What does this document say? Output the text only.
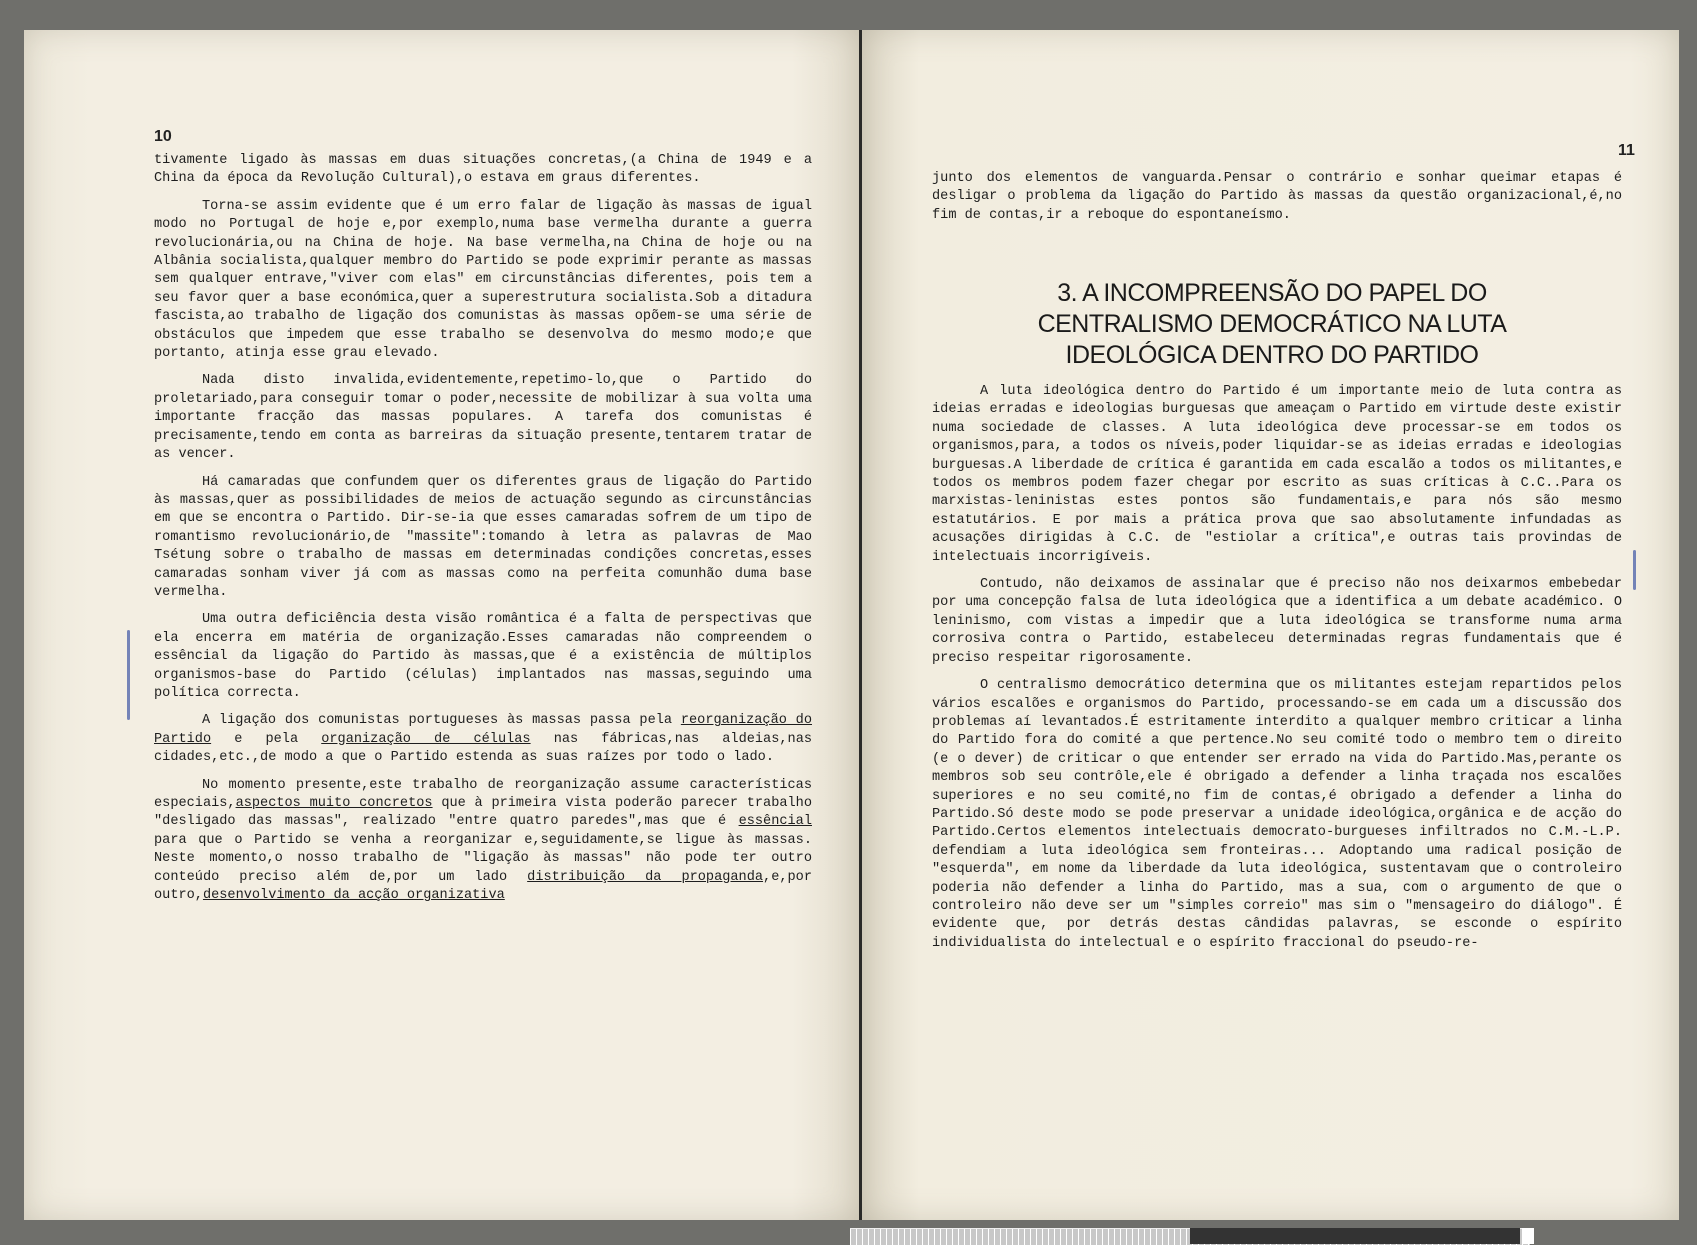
10

tivamente ligado às massas em duas situações concretas,(a China de 1949 e a China da época da Revolução Cultural),o estava em graus diferentes.

Torna-se assim evidente que é um erro falar de ligação às massas de igual modo no Portugal de hoje e,por exemplo,numa base vermelha durante a guerra revolucionária,ou na China de hoje. Na base vermelha,na China de hoje ou na Albânia socialista,qualquer membro do Partido se pode exprimir perante as massas sem qualquer entrave,"viver com elas" em circunstâncias diferentes, pois tem a seu favor quer a base económica,quer a superestrutura socialista.Sob a ditadura fascista,ao trabalho de ligação dos comunistas às massas opõem-se uma série de obstáculos que impedem que esse trabalho se desenvolva do mesmo modo;e que portanto, atinja esse grau elevado.

Nada disto invalida,evidentemente,repetimo-lo,que o Partido do proletariado,para conseguir tomar o poder,necessite de mobilizar à sua volta uma importante fracção das massas populares. A tarefa dos comunistas é precisamente,tendo em conta as barreiras da situação presente,tentarem tratar de as vencer.

Há camaradas que confundem quer os diferentes graus de ligação do Partido às massas,quer as possibilidades de meios de actuação segundo as circunstâncias em que se encontra o Partido. Dir-se-ia que esses camaradas sofrem de um tipo de romantismo revolucionário,de "massite":tomando à letra as palavras de Mao Tsétung sobre o trabalho de massas em determinadas condições concretas,esses camaradas sonham viver já com as massas como na perfeita comunhão duma base vermelha.

Uma outra deficiência desta visão romântica é a falta de perspectivas que ela encerra em matéria de organização.Esses camaradas não compreendem o essêncial da ligação do Partido às massas,que é a existência de múltiplos organismos-base do Partido (células) implantados nas massas,seguindo uma política correcta.

A ligação dos comunistas portugueses às massas passa pela reorganização do Partido e pela organização de células nas fábricas,nas aldeias,nas cidades,etc.,de modo a que o Partido estenda as suas raízes por todo o lado.

No momento presente,este trabalho de reorganização assume características especiais,aspectos muito concretos que à primeira vista poderão parecer trabalho "desligado das massas", realizado "entre quatro paredes",mas que é essêncial para que o Partido se venha a reorganizar e,seguidamente,se ligue às massas. Neste momento,o nosso trabalho de "ligação às massas" não pode ter outro conteúdo preciso além de,por um lado distribuição da propaganda,e,por outro,desenvolvimento da acção organizativa

11

junto dos elementos de vanguarda.Pensar o contrário e sonhar queimar etapas é desligar o problema da ligação do Partido às massas da questão organizacional,é,no fim de contas,ir a reboque do espontaneísmo.

3. A INCOMPREENSÃO DO PAPEL DO
CENTRALISMO DEMOCRÁTICO NA LUTA
IDEOLÓGICA DENTRO DO PARTIDO

A luta ideológica dentro do Partido é um importante meio de luta contra as ideias erradas e ideologias burguesas que ameaçam o Partido em virtude deste existir numa sociedade de classes. A luta ideológica deve processar-se em todos os organismos,para, a todos os níveis,poder liquidar-se as ideias erradas e ideologias burguesas.A liberdade de crítica é garantida em cada escalão a todos os militantes,e todos os membros podem fazer chegar por escrito as suas críticas à C.C..Para os marxistas-leninistas estes pontos são fundamentais,e para nós são mesmo estatutários. E por mais a prática prova que sao absolutamente infundadas as acusações dirigidas à C.C. de "estiolar a crítica",e outras tais provindas de intelectuais incorrigíveis.

Contudo, não deixamos de assinalar que é preciso não nos deixarmos embebedar por uma concepção falsa de luta ideológica que a identifica a um debate académico. O leninismo, com vistas a impedir que a luta ideológica se transforme numa arma corrosiva contra o Partido, estabeleceu determinadas regras fundamentais que é preciso respeitar rigorosamente.

O centralismo democrático determina que os militantes estejam repartidos pelos vários escalões e organismos do Partido, processando-se em cada um a discussão dos problemas aí levantados.É estritamente interdito a qualquer membro criticar a linha do Partido fora do comité a que pertence.No seu comité todo o membro tem o direito (e o dever) de criticar o que entender ser errado na vida do Partido.Mas,perante os membros sob seu contrôle,ele é obrigado a defender a linha traçada nos escalões superiores e no seu comité,no fim de contas,é obrigado a defender a linha do Partido.Só deste modo se pode preservar a unidade ideológica,orgânica e de acção do Partido.Certos elementos intelectuais democrato-burgueses infiltrados no C.M.-L.P. defendiam a luta ideológica sem fronteiras... Adoptando uma radical posição de "esquerda", em nome da liberdade da luta ideológica, sustentavam que o controleiro poderia não defender a linha do Partido, mas a sua, com o argumento de que o controleiro não deve ser um "simples correio" mas sim o "mensageiro do diálogo". É evidente que, por detrás destas cândidas palavras, se esconde o espírito individualista do intelectual e o espírito fraccional do pseudo-re-
